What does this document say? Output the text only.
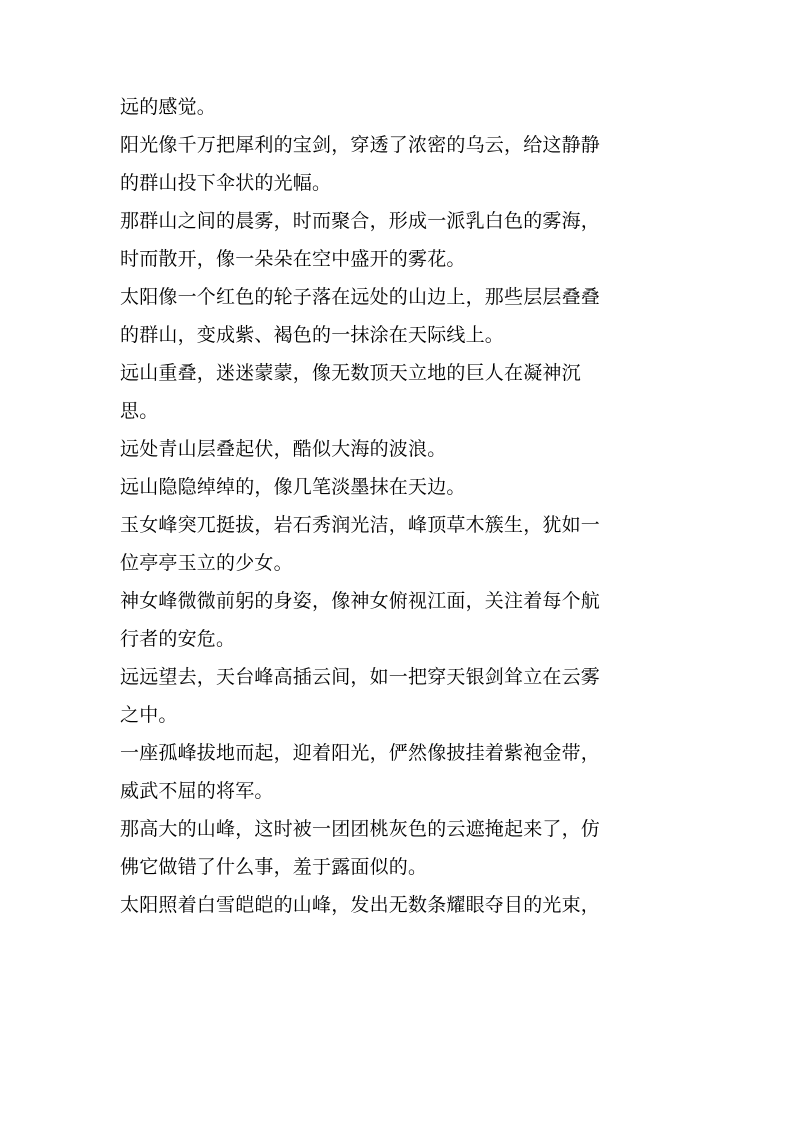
远的感觉。
阳光像千万把犀利的宝剑，穿透了浓密的乌云，给这静静
的群山投下伞状的光幅。
那群山之间的晨雾，时而聚合，形成一派乳白色的雾海，
时而散开，像一朵朵在空中盛开的雾花。
太阳像一个红色的轮子落在远处的山边上，那些层层叠叠
的群山，变成紫、褐色的一抹涂在天际线上。
远山重叠，迷迷蒙蒙，像无数顶天立地的巨人在凝神沉
思。
远处青山层叠起伏，酷似大海的波浪。
远山隐隐绰绰的，像几笔淡墨抹在天边。
玉女峰突兀挺拔，岩石秀润光洁，峰顶草木簇生，犹如一
位亭亭玉立的少女。
神女峰微微前躬的身姿，像神女俯视江面，关注着每个航
行者的安危。
远远望去，天台峰高插云间，如一把穿天银剑耸立在云雾
之中。
一座孤峰拔地而起，迎着阳光，俨然像披挂着紫袍金带，
威武不屈的将军。
那高大的山峰，这时被一团团桃灰色的云遮掩起来了，仿
佛它做错了什么事，羞于露面似的。
太阳照着白雪皑皑的山峰，发出无数条耀眼夺目的光束，
